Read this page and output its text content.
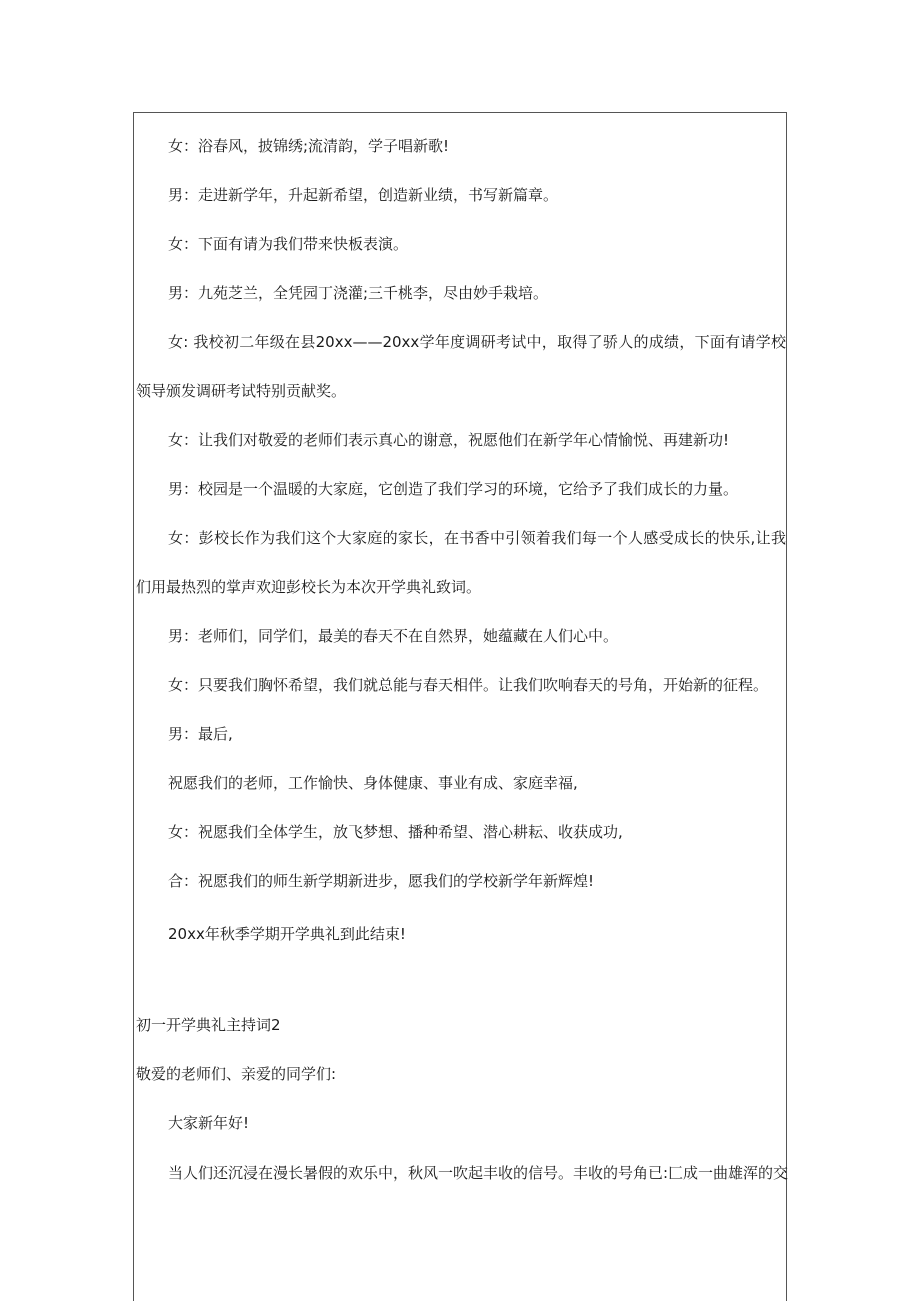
女：浴春风，披锦绣;流清韵，学子唱新歌!

男：走进新学年，升起新希望，创造新业绩，书写新篇章。

女：下面有请为我们带来快板表演。

男：九苑芝兰，全凭园丁浇灌;三千桃李，尽由妙手栽培。

女: 我校初二年级在县20xx——20xx学年度调研考试中，取得了骄人的成绩，下面有请学校领导颁发调研考试特别贡献奖。

女：让我们对敬爱的老师们表示真心的谢意，祝愿他们在新学年心情愉悦、再建新功!

男：校园是一个温暖的大家庭，它创造了我们学习的环境，它给予了我们成长的力量。

女：彭校长作为我们这个大家庭的家长，在书香中引领着我们每一个人感受成长的快乐,让我们用最热烈的掌声欢迎彭校长为本次开学典礼致词。

男：老师们，同学们，最美的春天不在自然界，她蕴藏在人们心中。

女：只要我们胸怀希望，我们就总能与春天相伴。让我们吹响春天的号角，开始新的征程。

男：最后,

祝愿我们的老师，工作愉快、身体健康、事业有成、家庭幸福,

女：祝愿我们全体学生，放飞梦想、播种希望、潜心耕耘、收获成功,

合：祝愿我们的师生新学期新进步，愿我们的学校新学年新辉煌!

20xx年秋季学期开学典礼到此结束!

初一开学典礼主持词2

敬爱的老师们、亲爱的同学们:

大家新年好!

当人们还沉浸在漫长暑假的欢乐中，秋风一吹起丰收的信号。丰收的号角已:匚成一曲雄浑的交
